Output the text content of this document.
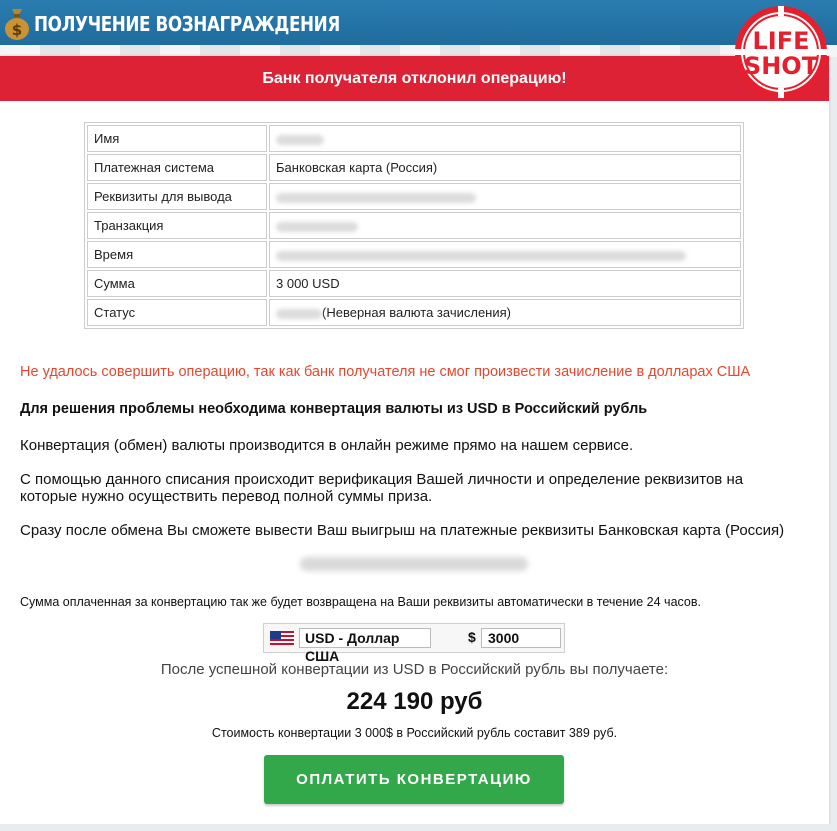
$ ПОЛУЧЕНИЕ ВОЗНАГРАЖДЕНИЯ
Банк получателя отклонил операцию!
Имя	
Платежная система	Банковская карта (Россия)
Реквизиты для вывода	
Транзакция	
Время	
Сумма	3 000 USD
Статус	(Неверная валюта зачисления)
Не удалось совершить операцию, так как банк получателя не смог произвести зачисление в долларах США
Для решения проблемы необходима конвертация валюты из USD в Российский рубль
Конвертация (обмен) валюты производится в онлайн режиме прямо на нашем сервисе.
С помощью данного списания происходит верификация Вашей личности и определение реквизитов на
которые нужно осуществить перевод полной суммы приза.
Сразу после обмена Вы сможете вывести Ваш выигрыш на платежные реквизиты Банковская карта (Россия)
Сумма оплаченная за конвертацию так же будет возвращена на Ваши реквизиты автоматически в течение 24 часов.
USD - Доллар США
$ 3000
После успешной конвертации из USD в Российский рубль вы получаете:
224 190 руб
Стоимость конвертации 3 000$ в Российский рубль составит 389 руб.
ОПЛАТИТЬ КОНВЕРТАЦИЮ
LIFE
SHOT
